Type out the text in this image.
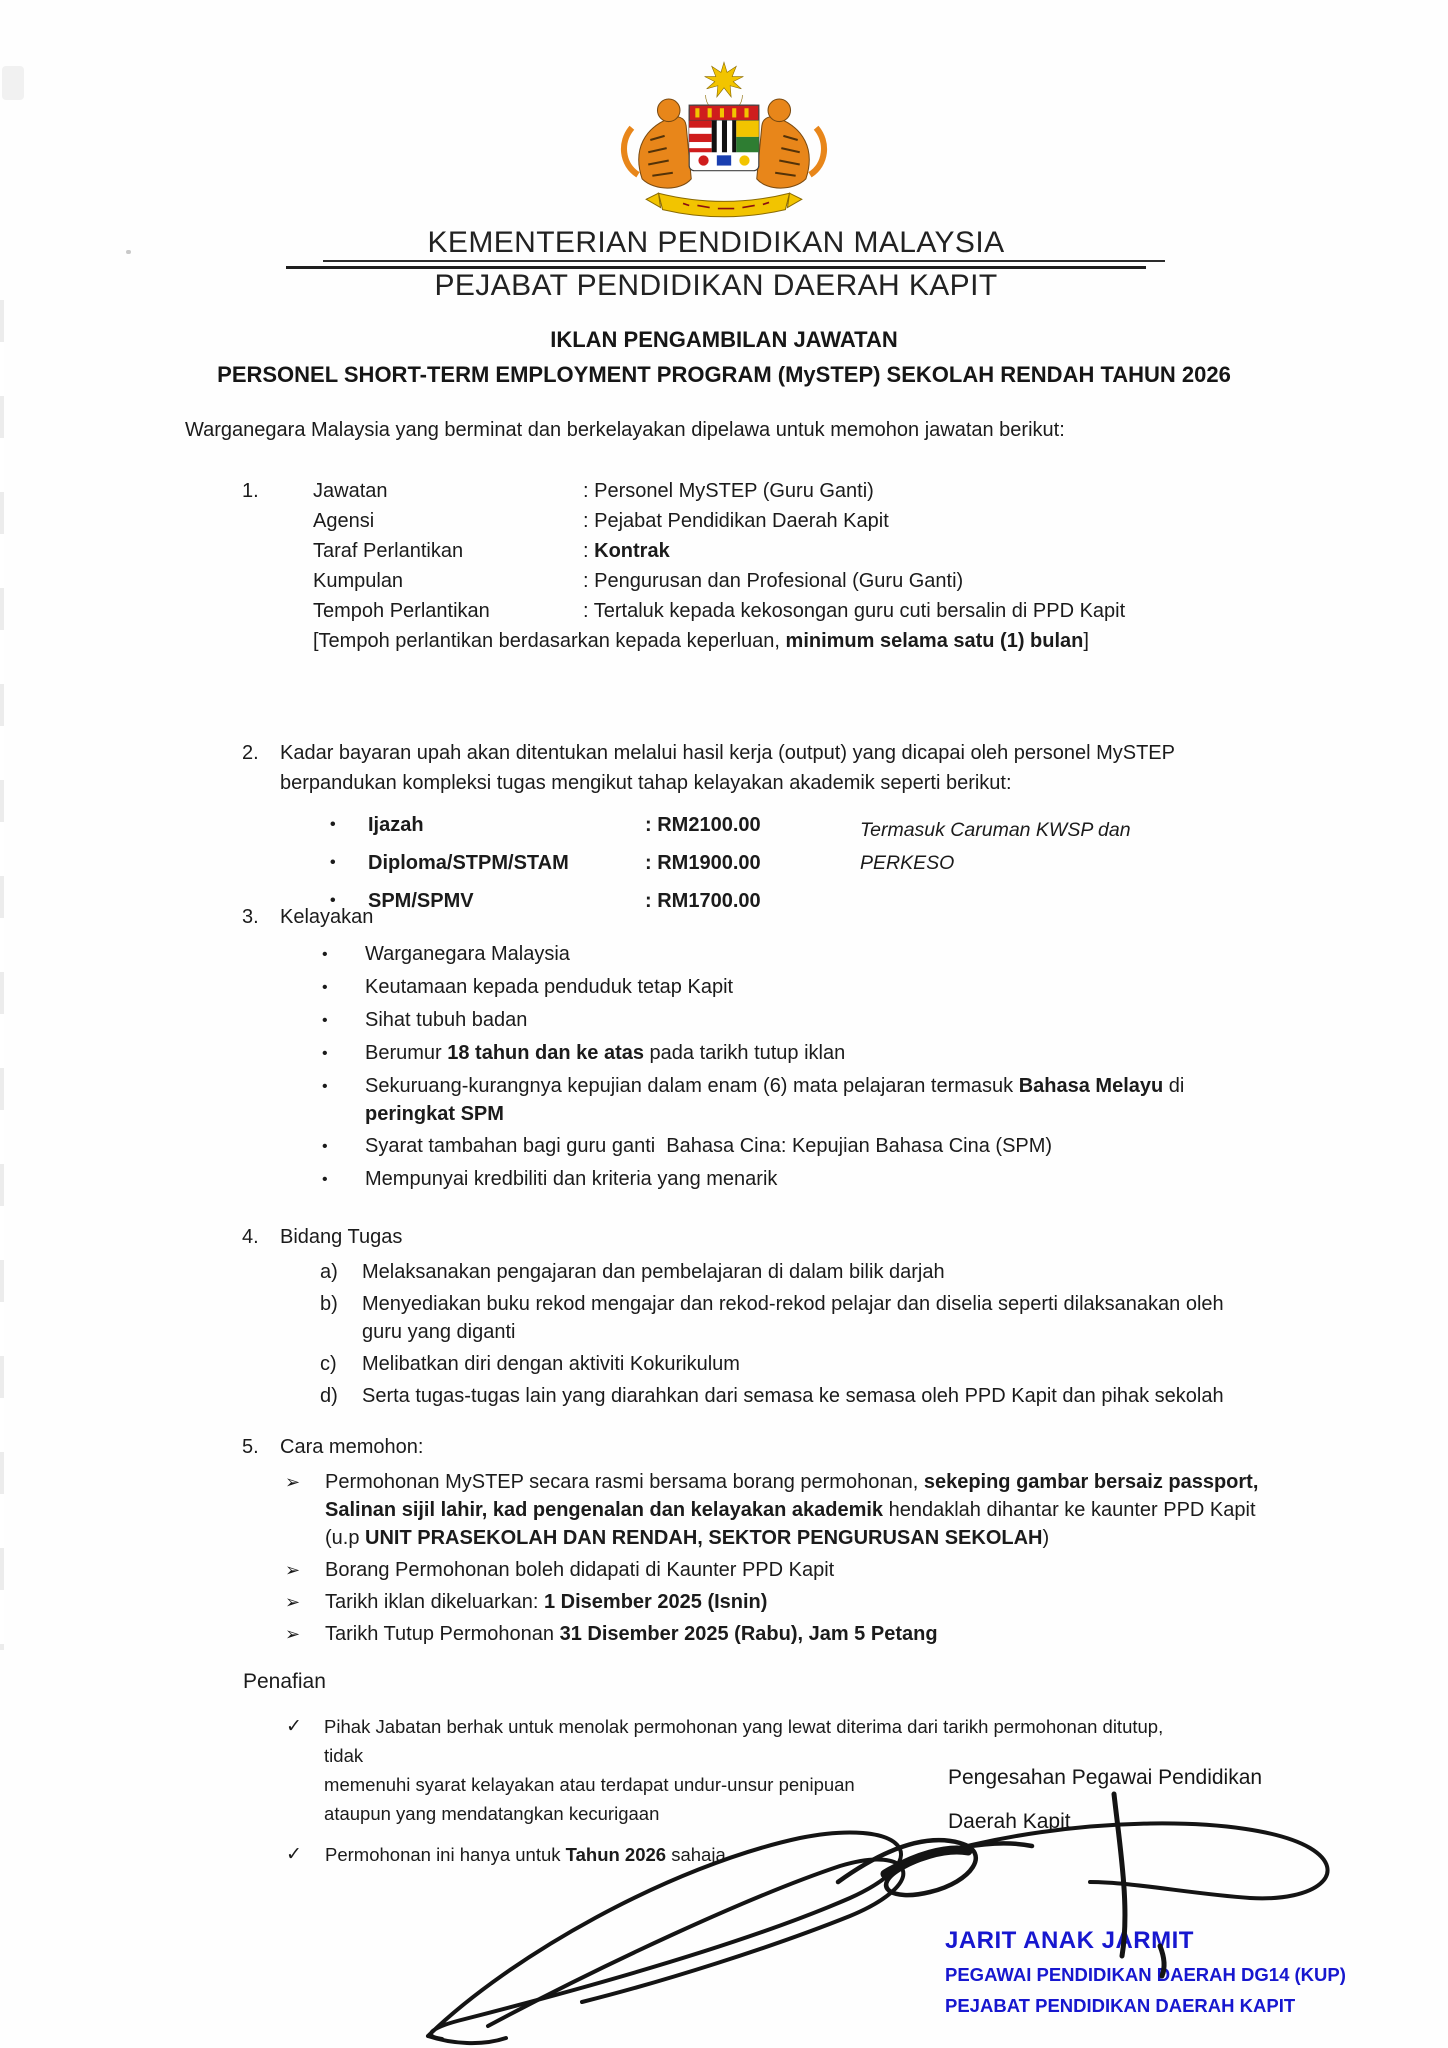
KEMENTERIAN PENDIDIKAN MALAYSIA
PEJABAT PENDIDIKAN DAERAH KAPIT
IKLAN PENGAMBILAN JAWATAN
PERSONEL SHORT-TERM EMPLOYMENT PROGRAM (MySTEP) SEKOLAH RENDAH TAHUN 2026
Warganegara Malaysia yang berminat dan berkelayakan dipelawa untuk memohon jawatan berikut:
1.	Jawatan	: Personel MySTEP (Guru Ganti)
Agensi	: Pejabat Pendidikan Daerah Kapit
Taraf Perlantikan	: Kontrak
Kumpulan	: Pengurusan dan Profesional (Guru Ganti)
Tempoh Perlantikan	: Tertaluk kepada kekosongan guru cuti bersalin di PPD Kapit
[Tempoh perlantikan berdasarkan kepada keperluan, minimum selama satu (1) bulan]
2. Kadar bayaran upah akan ditentukan melalui hasil kerja (output) yang dicapai oleh personel MySTEP
berpandukan kompleksi tugas mengikut tahap kelayakan akademik seperti berikut:
•	Ijazah	: RM2100.00
•	Diploma/STPM/STAM	: RM1900.00
•	SPM/SPMV	: RM1700.00
Termasuk Caruman KWSP dan
PERKESO
3. Kelayakan
•	Warganegara Malaysia
•	Keutamaan kepada penduduk tetap Kapit
•	Sihat tubuh badan
•	Berumur 18 tahun dan ke atas pada tarikh tutup iklan
•	Sekuruang-kurangnya kepujian dalam enam (6) mata pelajaran termasuk Bahasa Melayu di
peringkat SPM
•	Syarat tambahan bagi guru ganti  Bahasa Cina: Kepujian Bahasa Cina (SPM)
•	Mempunyai kredbiliti dan kriteria yang menarik
4. Bidang Tugas
a)	Melaksanakan pengajaran dan pembelajaran di dalam bilik darjah
b)	Menyediakan buku rekod mengajar dan rekod-rekod pelajar dan diselia seperti dilaksanakan oleh
guru yang diganti
c)	Melibatkan diri dengan aktiviti Kokurikulum
d)	Serta tugas-tugas lain yang diarahkan dari semasa ke semasa oleh PPD Kapit dan pihak sekolah
5. Cara memohon:
➢	Permohonan MySTEP secara rasmi bersama borang permohonan, sekeping gambar bersaiz passport,
Salinan sijil lahir, kad pengenalan dan kelayakan akademik hendaklah dihantar ke kaunter PPD Kapit
(u.p UNIT PRASEKOLAH DAN RENDAH, SEKTOR PENGURUSAN SEKOLAH)
➢	Borang Permohonan boleh didapati di Kaunter PPD Kapit
➢	Tarikh iklan dikeluarkan: 1 Disember 2025 (Isnin)
➢	Tarikh Tutup Permohonan 31 Disember 2025 (Rabu), Jam 5 Petang
Penafian
✓	Pihak Jabatan berhak untuk menolak permohonan yang lewat diterima dari tarikh permohonan ditutup, tidak
memenuhi syarat kelayakan atau terdapat undur-unsur penipuan
ataupun yang mendatangkan kecurigaan
✓	Permohonan ini hanya untuk Tahun 2026 sahaja
Pengesahan Pegawai Pendidikan
Daerah Kapit
JARIT ANAK JARMIT
PEGAWAI PENDIDIKAN DAERAH DG14 (KUP)
PEJABAT PENDIDIKAN DAERAH KAPIT
